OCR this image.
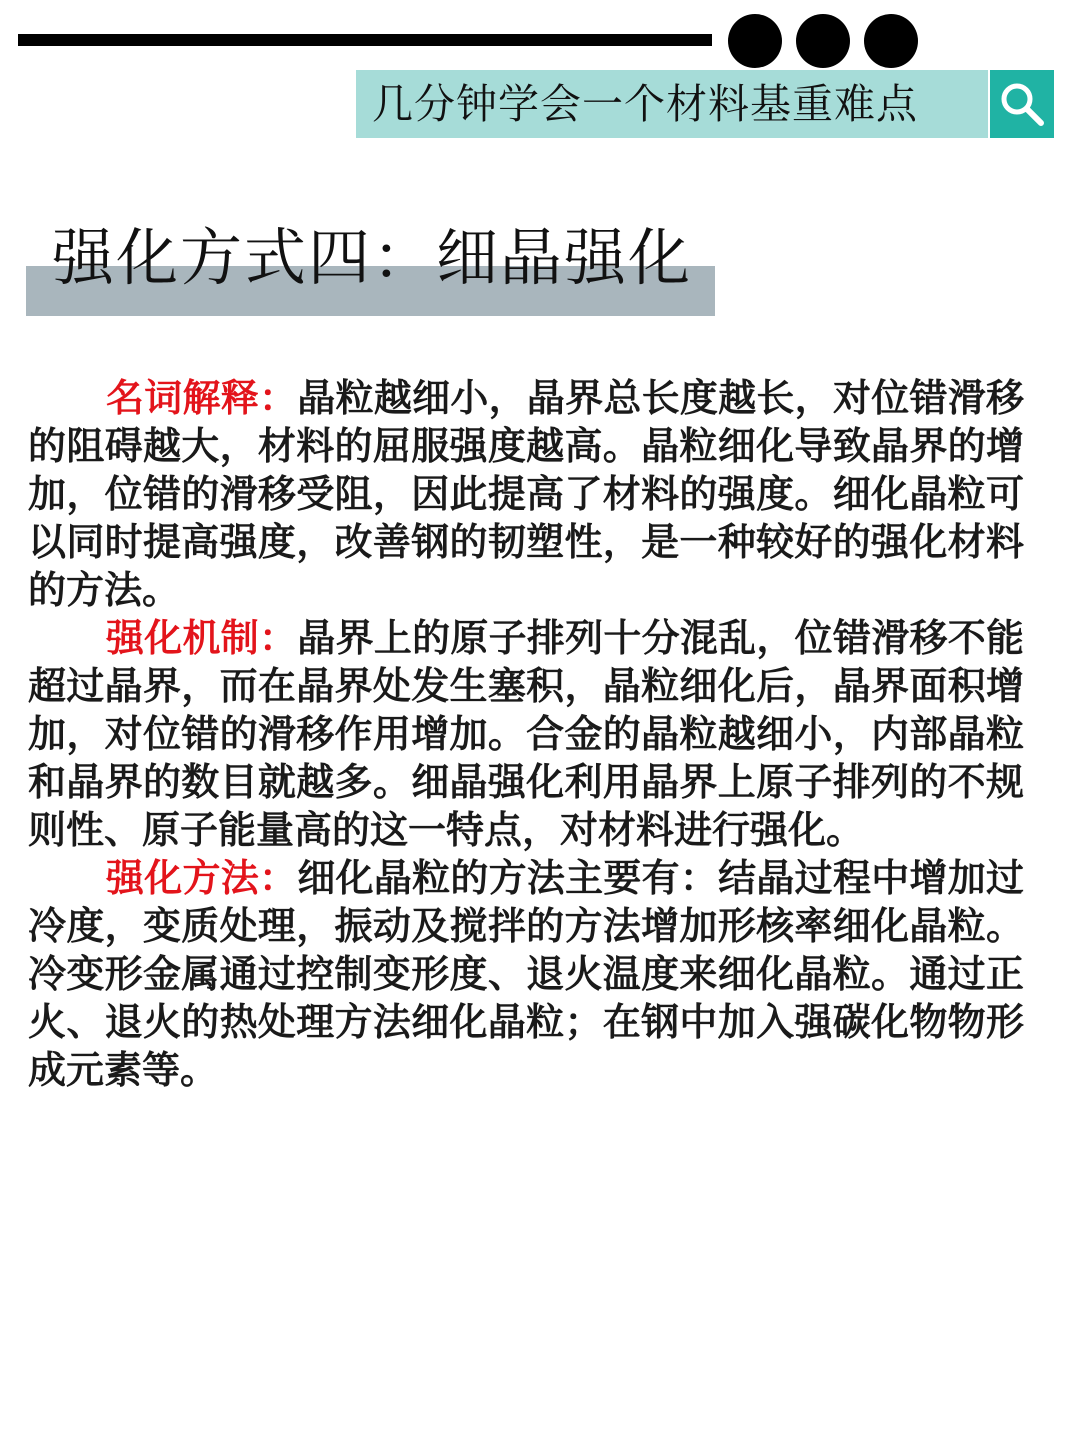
几分钟学会一个材料基重难点
强化方式四：细晶强化

名词解释：晶粒越细小，晶界总长度越长，对位错滑移的阻碍越大，材料的屈服强度越高。晶粒细化导致晶界的增加，位错的滑移受阻，因此提高了材料的强度。细化晶粒可以同时提高强度，改善钢的韧塑性，是一种较好的强化材料的方法。

强化机制：晶界上的原子排列十分混乱，位错滑移不能超过晶界，而在晶界处发生塞积，晶粒细化后，晶界面积增加，对位错的滑移作用增加。合金的晶粒越细小，内部晶粒和晶界的数目就越多。细晶强化利用晶界上原子排列的不规则性、原子能量高的这一特点，对材料进行强化。

强化方法：细化晶粒的方法主要有：结晶过程中增加过冷度，变质处理，振动及搅拌的方法增加形核率细化晶粒。冷变形金属通过控制变形度、退火温度来细化晶粒。通过正火、退火的热处理方法细化晶粒；在钢中加入强碳化物物形成元素等。
